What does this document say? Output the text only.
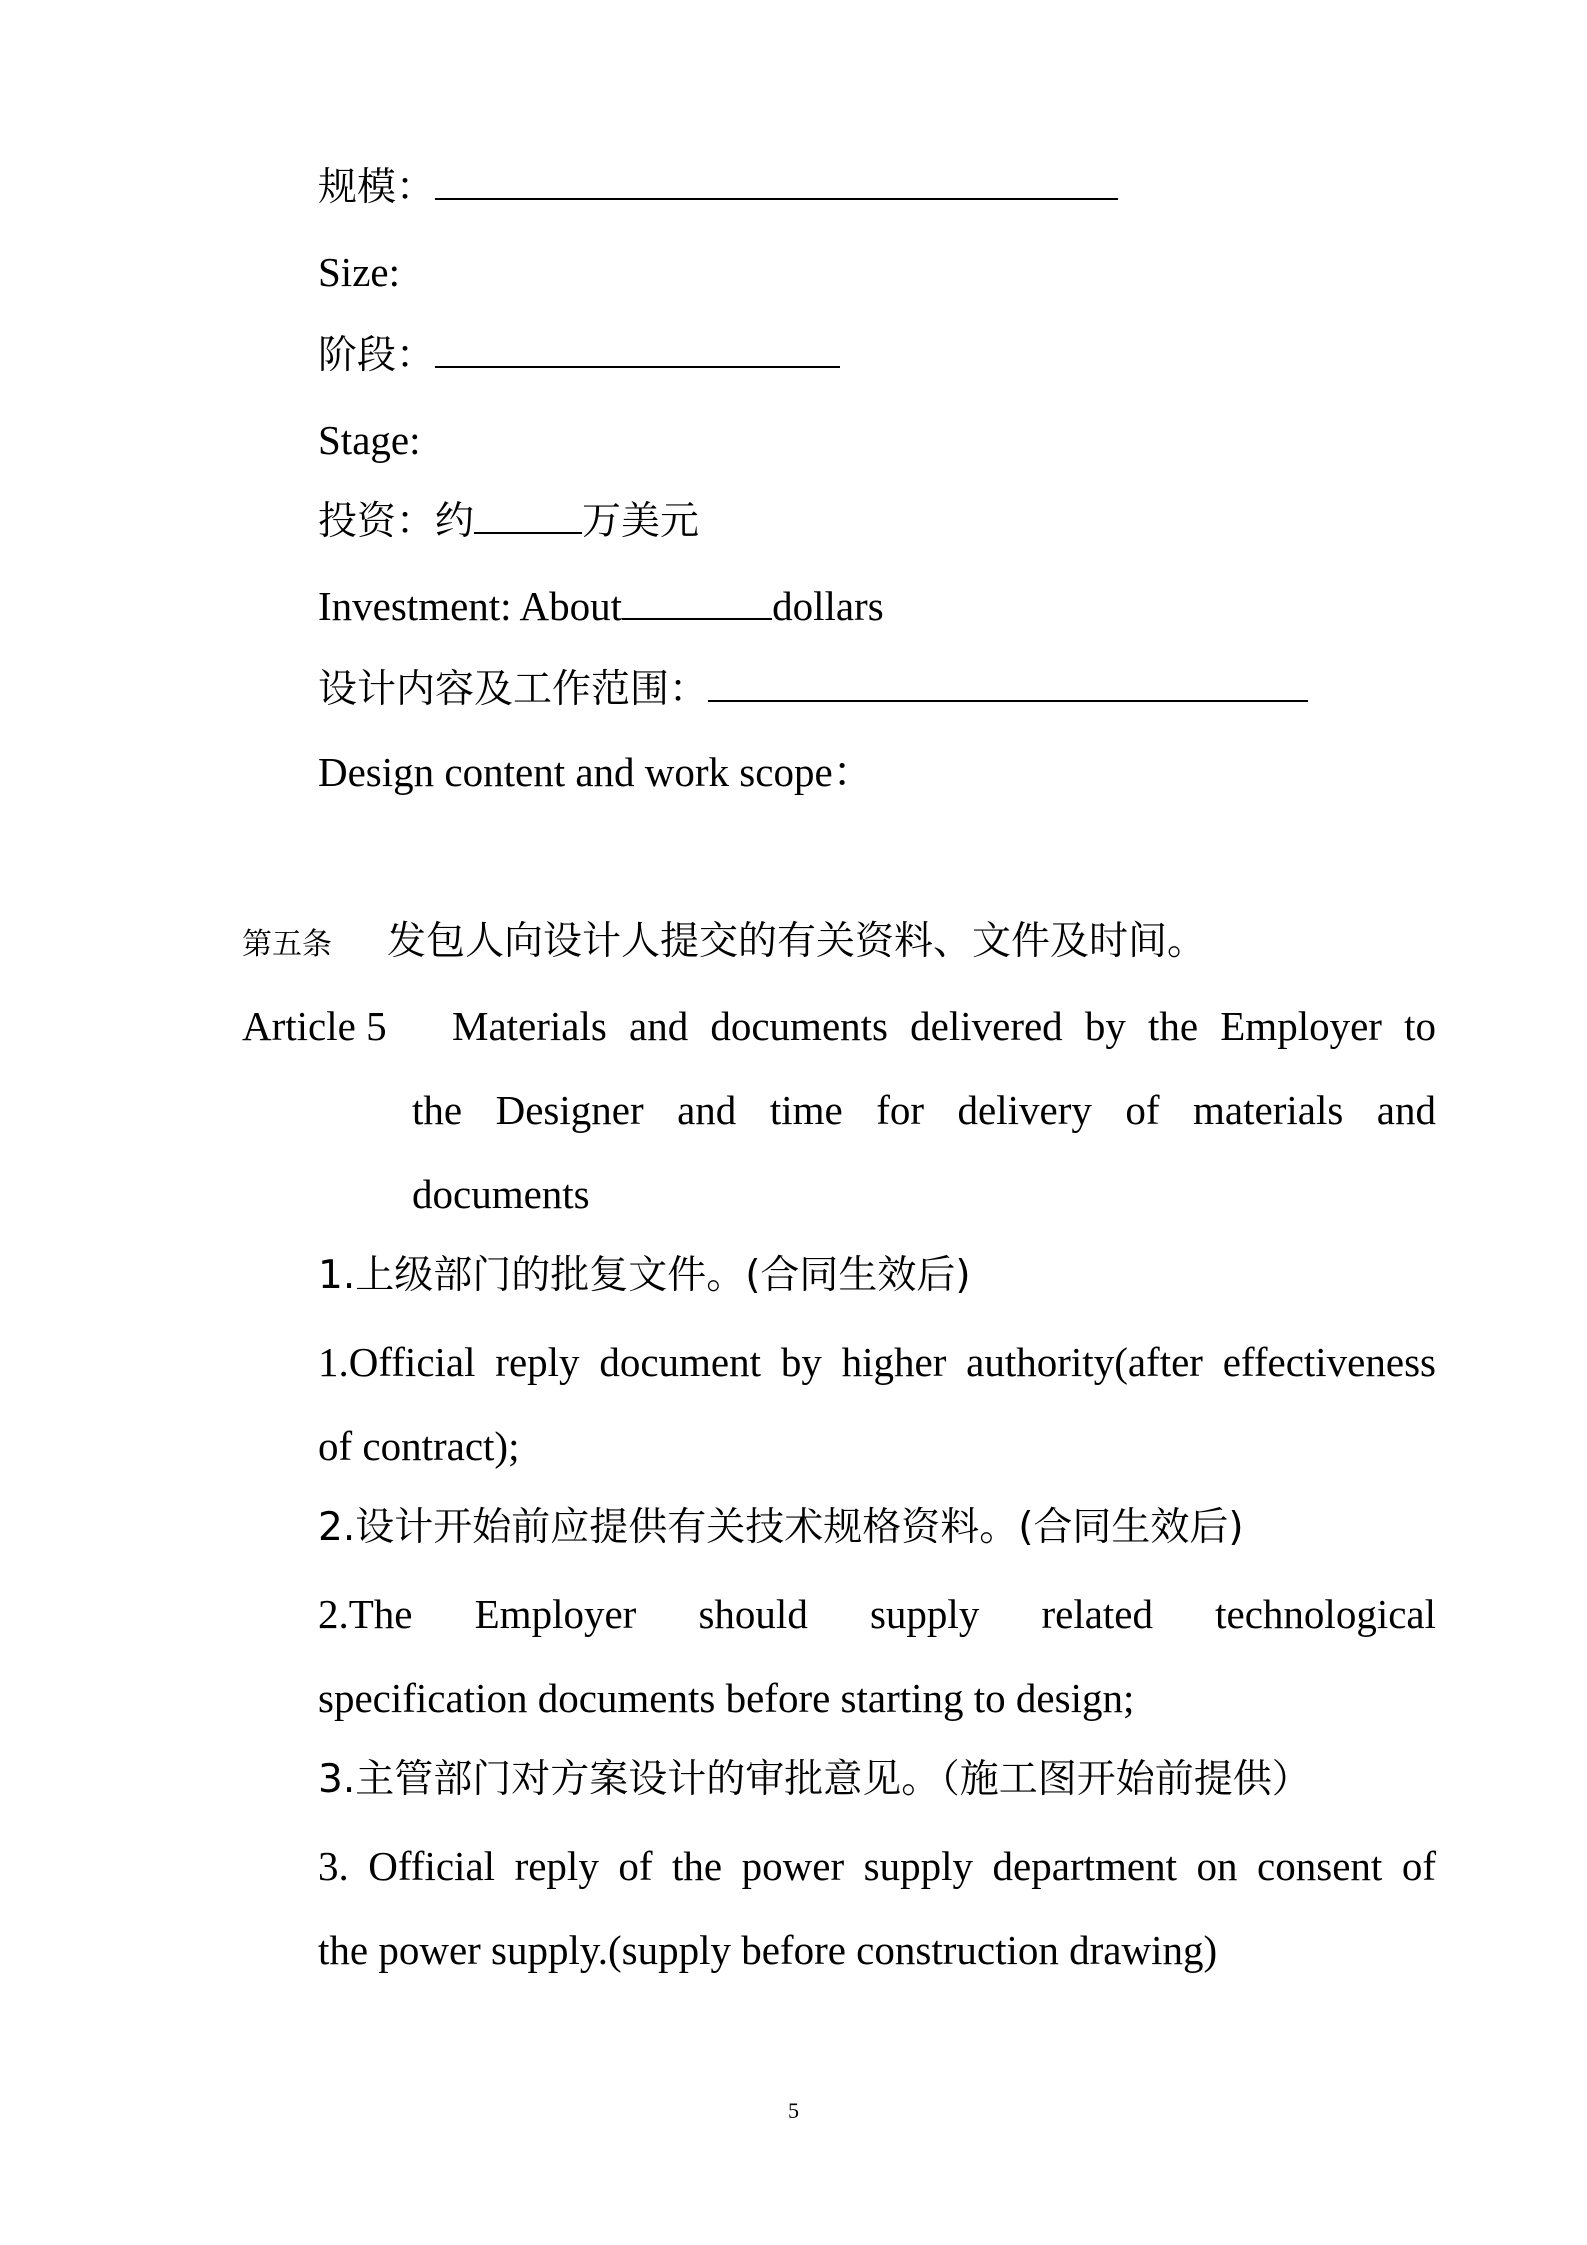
规模：
Size:
阶段：
Stage:
投资：约	万美元
Investment: About	dollars
设计内容及工作范围：
Design content and work scope：
第五条 发包人向设计人提交的有关资料、文件及时间。
Article 5 Materials and documents delivered by the Employer to
the Designer and time for delivery of materials and
documents
1.上级部门的批复文件。(合同生效后)
1.Official reply document by higher authority(after effectiveness
of contract);
2.设计开始前应提供有关技术规格资料。(合同生效后)
2.The Employer should supply related technological
specification documents before starting to design;
3.主管部门对方案设计的审批意见。（施工图开始前提供）
3. Official reply of the power supply department on consent of
the power supply.(supply before construction drawing)
5
